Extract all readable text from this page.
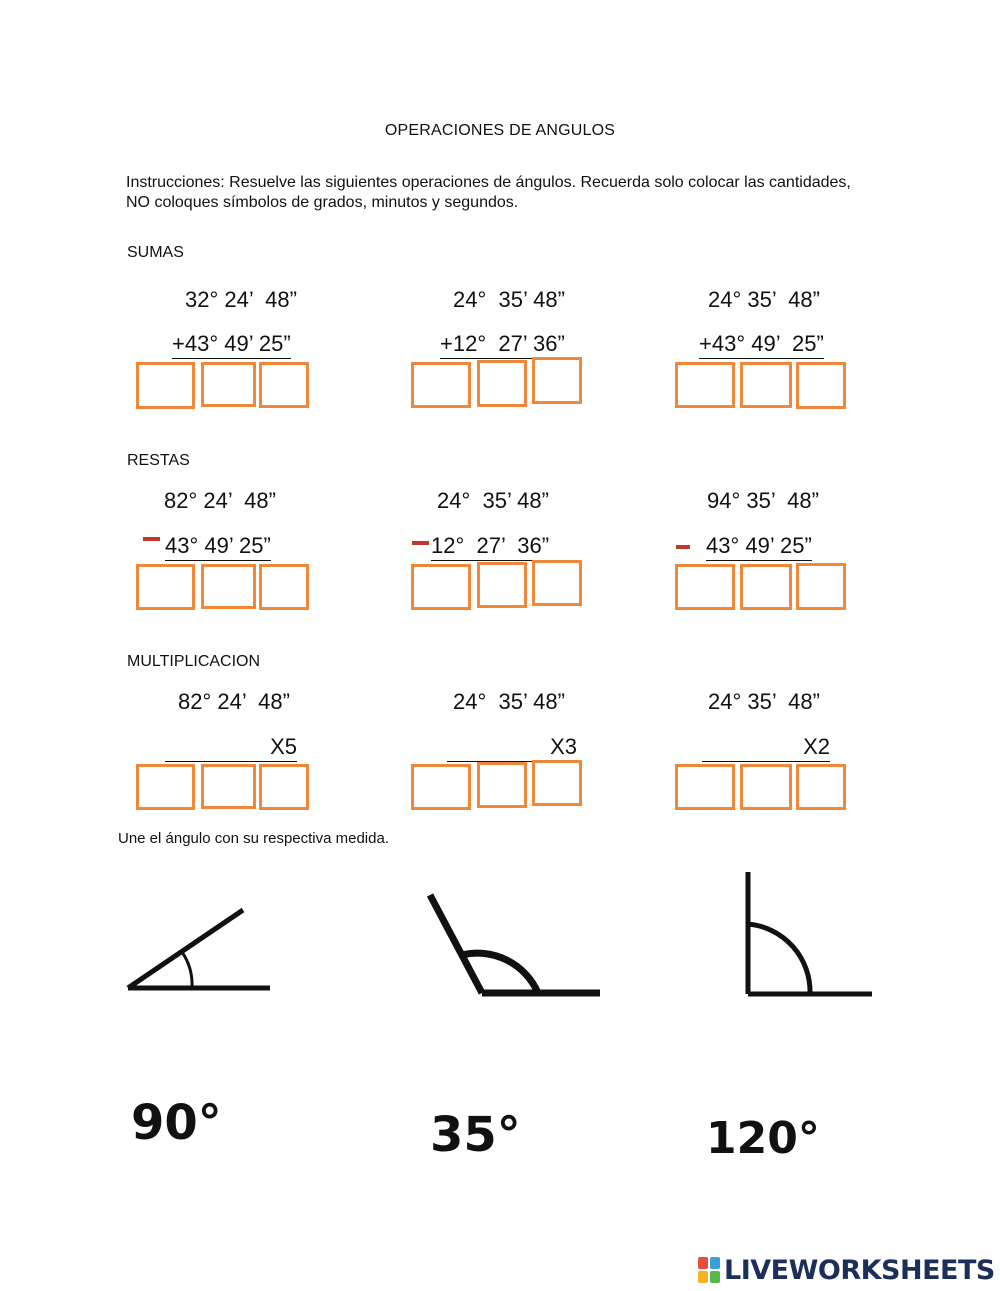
OPERACIONES DE ANGULOS
Instrucciones: Resuelve las siguientes operaciones de ángulos. Recuerda solo colocar las cantidades, NO coloques símbolos de grados, minutos y segundos.
SUMAS
32° 24’  48”
+43° 49’ 25”
24°  35’ 48”
+12°  27’ 36”
24° 35’  48”
+43° 49’  25”
RESTAS
82° 24’  48”
43° 49’ 25”
24°  35’ 48”
12°  27’  36”
94° 35’  48”
43° 49’ 25”
MULTIPLICACION
82° 24’  48”
X5
24°  35’ 48”
X3
24° 35’  48”
X2
Une el ángulo con su respectiva medida.
90°	35°	120°
LIVEWORKSHEETS
